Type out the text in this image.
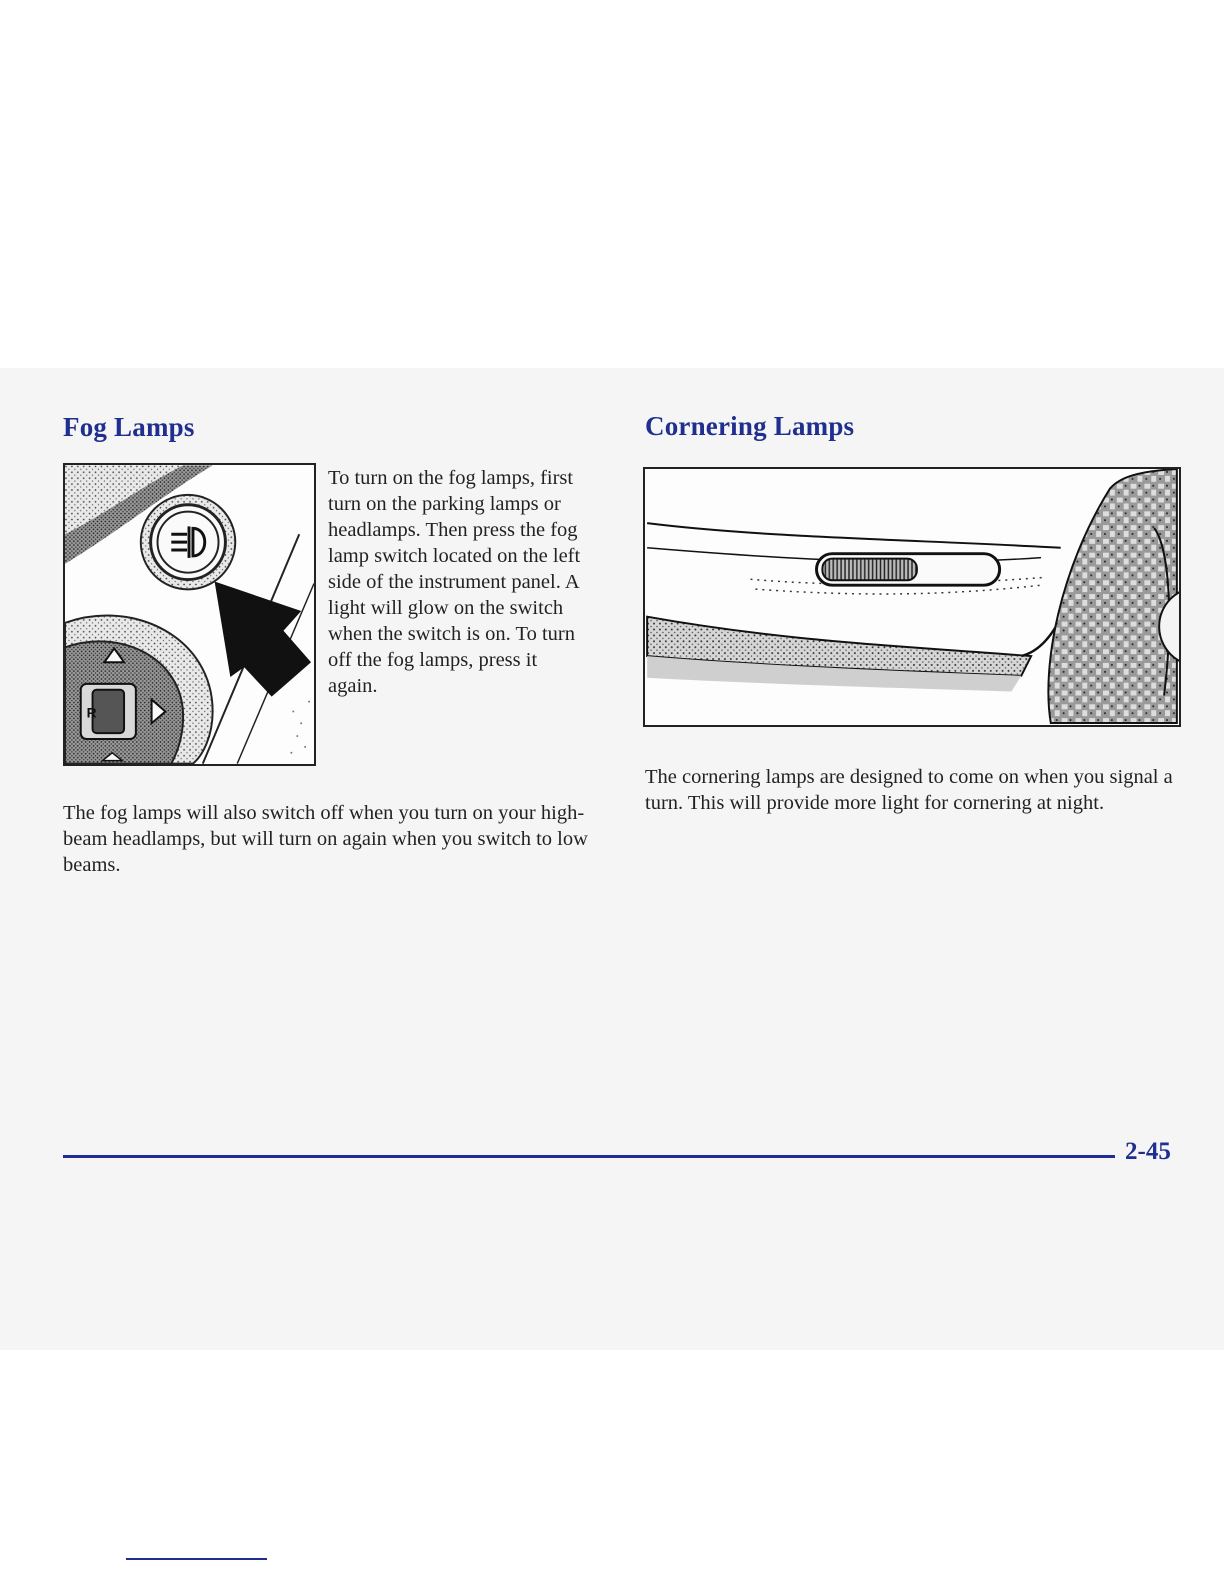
Fog Lamps
R

To turn on the fog lamps, first turn on the parking lamps or headlamps. Then press the fog lamp switch located on the left side of the instrument panel. A light will glow on the switch when the switch is on. To turn off the fog lamps, press it again.

The fog lamps will also switch off when you turn on your high-beam headlamps, but will turn on again when you switch to low beams.

Cornering Lamps

The cornering lamps are designed to come on when you signal a turn. This will provide more light for cornering at night.

2-45
